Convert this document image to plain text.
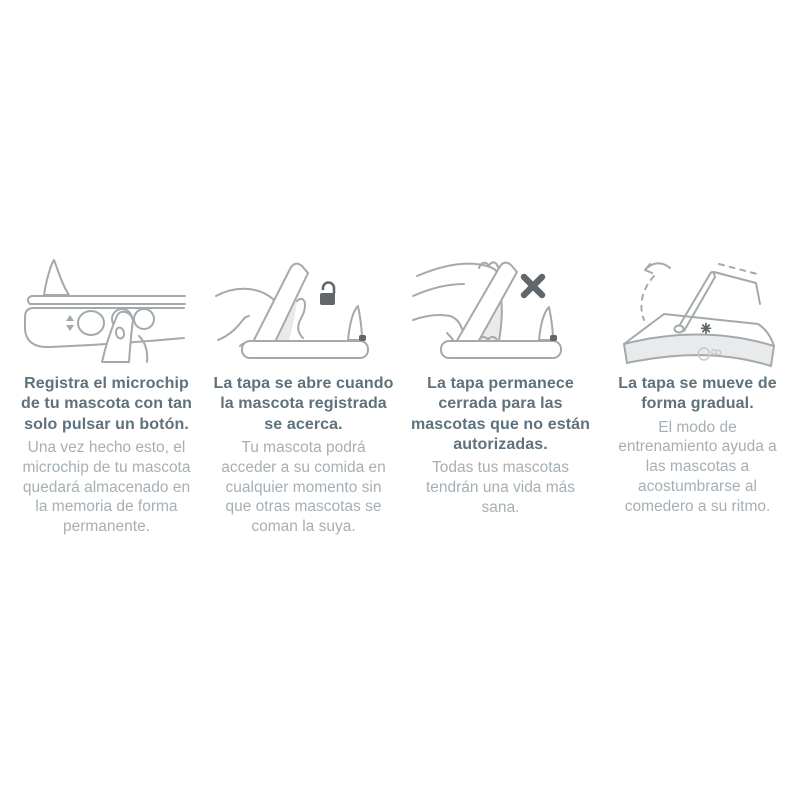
Registra el microchip de tu mascota con tan solo pulsar un botón.

Una vez hecho esto, el microchip de tu mascota quedará almacenado en la memoria de forma permanente.

La tapa se abre cuando la mascota registrada se acerca.

Tu mascota podrá acceder a su comida en cualquier momento sin que otras mascotas se coman la suya.

La tapa permanece cerrada para las mascotas que no están autorizadas.

Todas tus mascotas tendrán una vida más sana.

La tapa se mueve de forma gradual.

El modo de entrenamiento ayuda a las mascotas a acostumbrarse al comedero a su ritmo.
